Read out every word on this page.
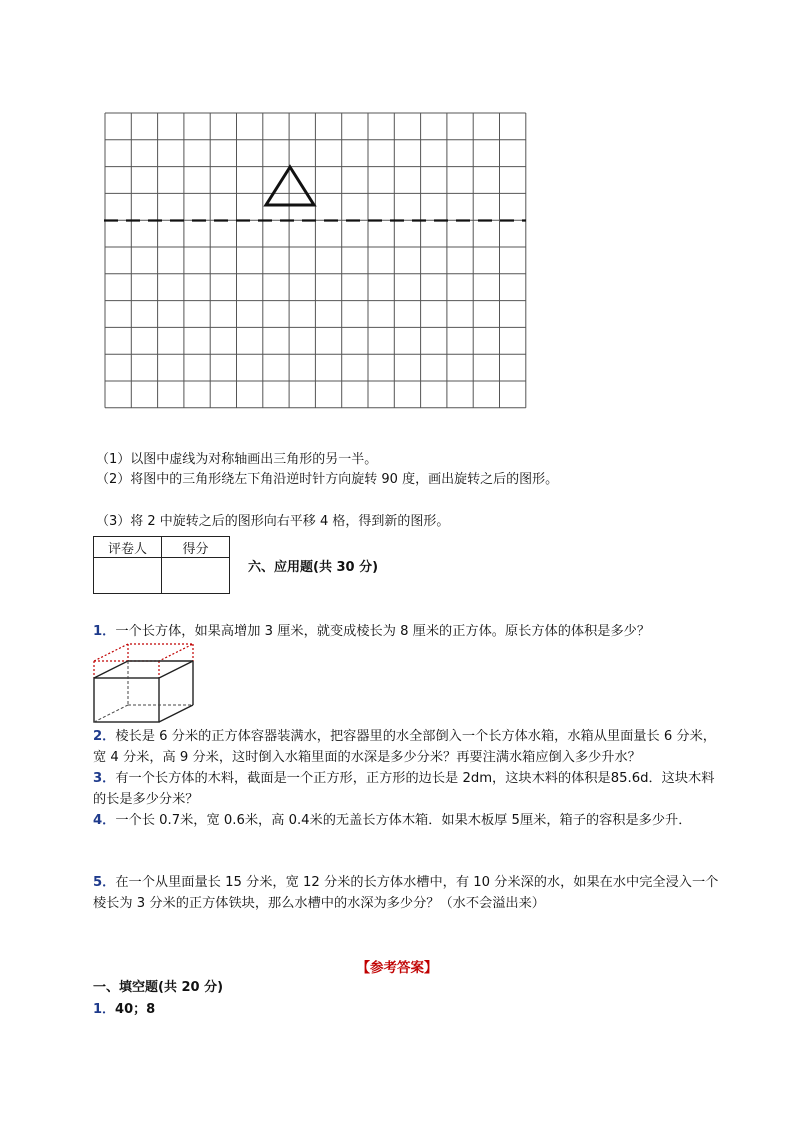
（1）以图中虚线为对称轴画出三角形的另一半。
（2）将图中的三角形绕左下角沿逆时针方向旋转 90 度，画出旋转之后的图形。
（3）将 2 中旋转之后的图形向右平移 4 格，得到新的图形。
评卷人	得分

六、应用题(共 30 分)
1．一个长方体，如果高增加 3 厘米，就变成棱长为 8 厘米的正方体。原长方体的体积是多少？
2．棱长是 6 分米的正方体容器装满水，把容器里的水全部倒入一个长方体水箱，水箱从里面量长 6 分米，宽 4 分米，高 9 分米，这时倒入水箱里面的水深是多少分米？再要注满水箱应倒入多少升水？
3．有一个长方体的木料，截面是一个正方形，正方形的边长是 2dm，这块木料的体积是85.6d．这块木料的长是多少分米？
4．一个长 0.7米，宽 0.6米，高 0.4米的无盖长方体木箱．如果木板厚 5厘米，箱子的容积是多少升．
5．在一个从里面量长 15 分米，宽 12 分米的长方体水槽中，有 10 分米深的水，如果在水中完全浸入一个棱长为 3 分米的正方体铁块，那么水槽中的水深为多少分？（水不会溢出来）
【参考答案】
一、填空题(共 20 分)
1．40；8
